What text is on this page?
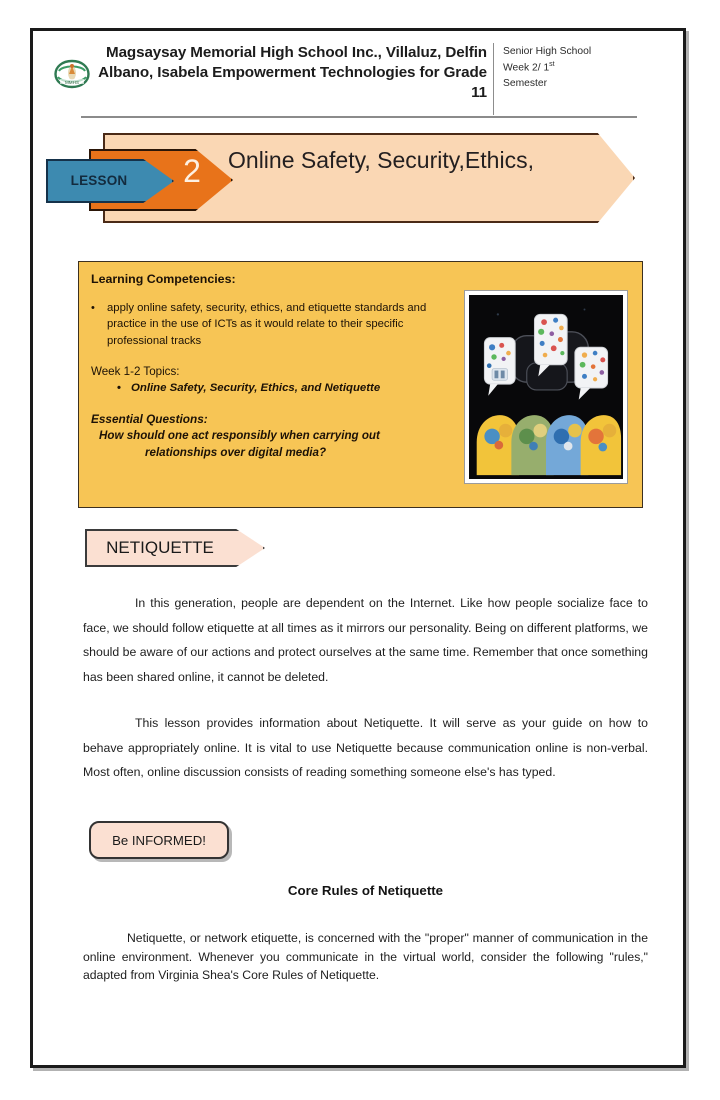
MMHS
Magsaysay Memorial High School Inc., Villaluz, Delfin Albano, Isabela Empowerment Technologies for Grade 11
Senior High School
Week 2/ 1st
Semester
Online Safety, Security,Ethics,
2
LESSON

Learning Competencies:

•	apply online safety, security, ethics, and etiquette standards and practice in the use of ICTs as it would relate to their specific professional tracks

Week 1-2 Topics:

• Online Safety, Security, Ethics, and Netiquette

Essential Questions:

How should one act responsibly when carrying out
relationships over digital media?

NETIQUETTE

In this generation, people are dependent on the Internet. Like how people socialize face to face, we should follow etiquette at all times as it mirrors our personality. Being on different platforms, we should be aware of our actions and protect ourselves at the same time. Remember that once something has been shared online, it cannot be deleted.

This lesson provides information about Netiquette. It will serve as your guide on how to behave appropriately online. It is vital to use Netiquette because communication online is non-verbal. Most often, online discussion consists of reading something someone else's has typed.

Be INFORMED!
Core Rules of Netiquette

Netiquette, or network etiquette, is concerned with the "proper" manner of communication in the online environment. Whenever you communicate in the virtual world, consider the following "rules," adapted from Virginia Shea's Core Rules of Netiquette.
